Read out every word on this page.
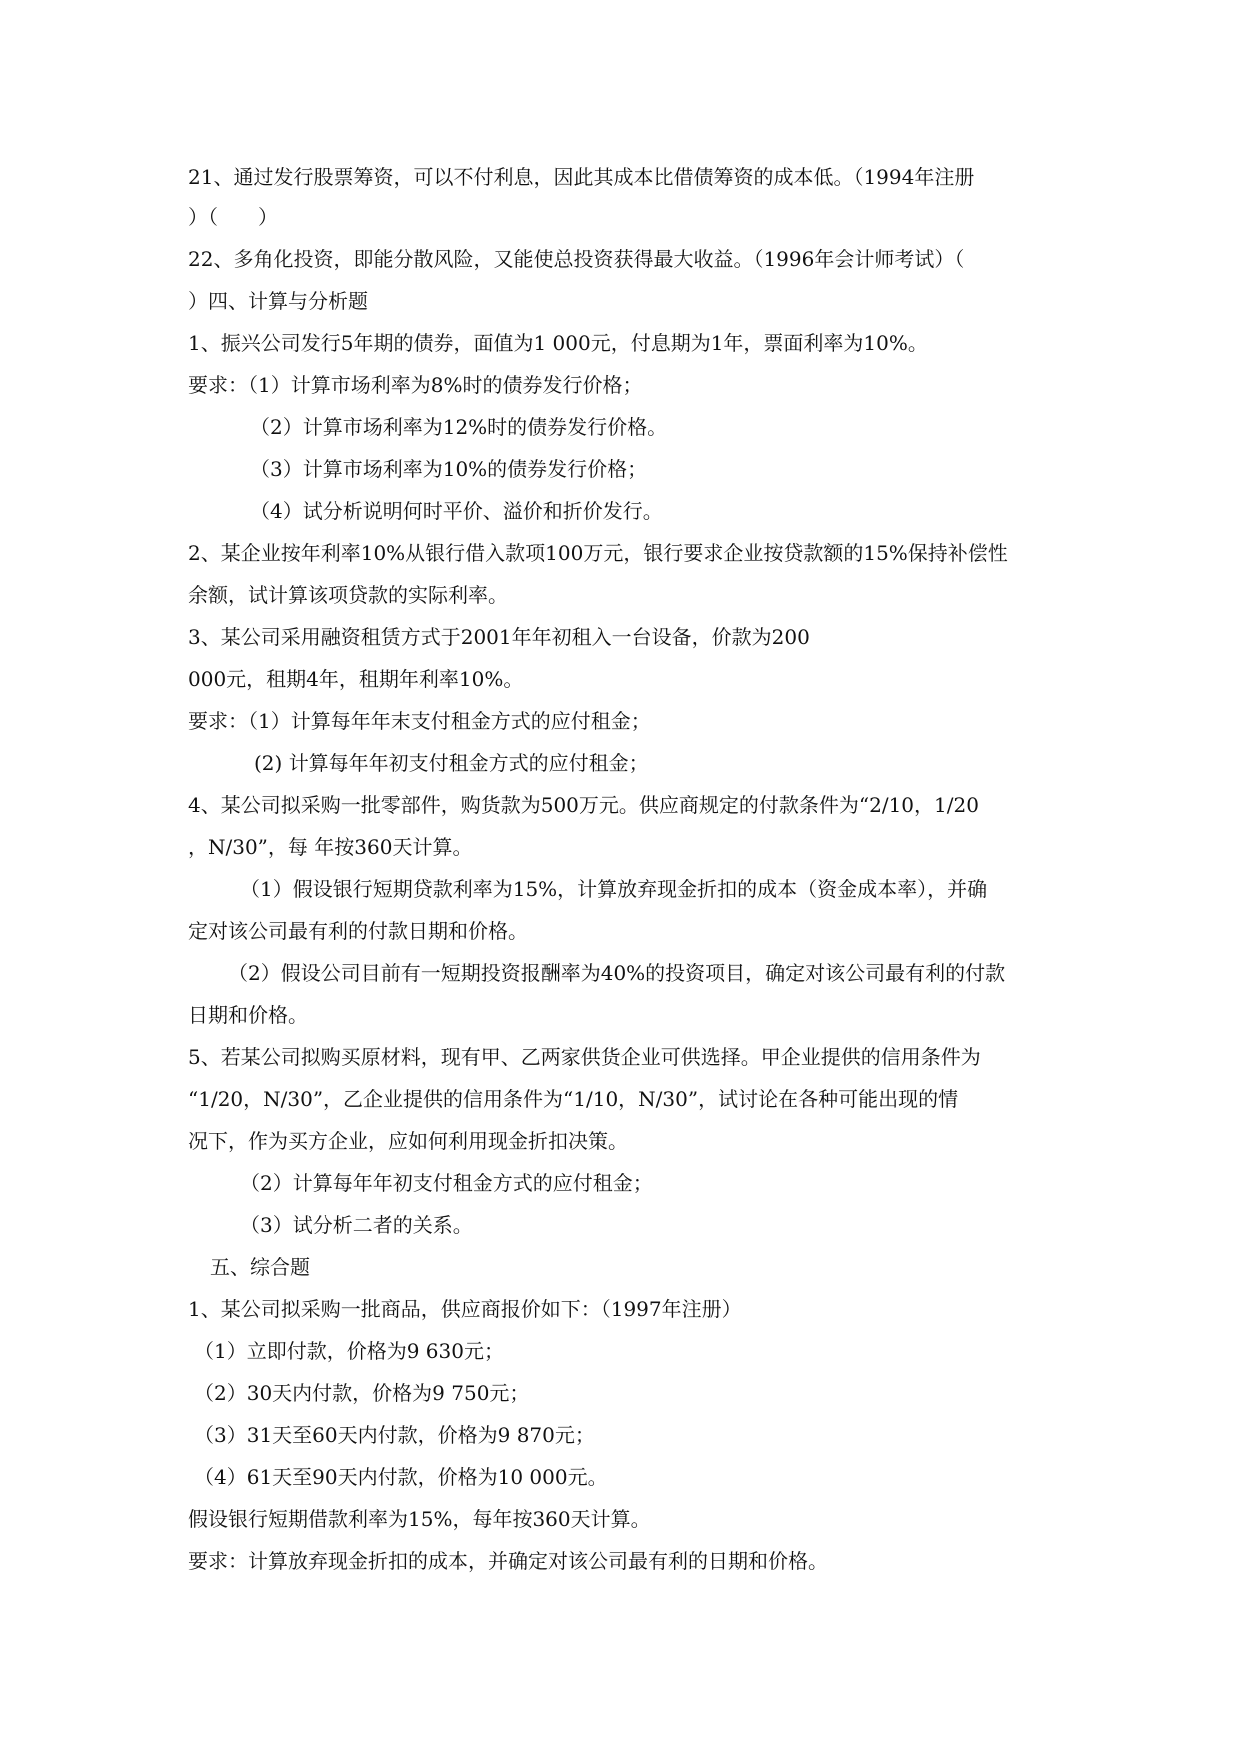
21、通过发行股票筹资，可以不付利息，因此其成本比借债筹资的成本低。（1994年注册
）（　　）
22、多角化投资，即能分散风险，又能使总投资获得最大收益。（1996年会计师考试）（
）四、计算与分析题
1、振兴公司发行5年期的债券，面值为1 000元，付息期为1年，票面利率为10%。
要求：（1）计算市场利率为8%时的债券发行价格；
（2）计算市场利率为12%时的债券发行价格。
（3）计算市场利率为10%的债券发行价格；
（4）试分析说明何时平价、溢价和折价发行。
2、某企业按年利率10%从银行借入款项100万元，银行要求企业按贷款额的15%保持补偿性
余额，试计算该项贷款的实际利率。
3、某公司采用融资租赁方式于2001年年初租入一台设备，价款为200
000元，租期4年，租期年利率10%。
要求：（1）计算每年年末支付租金方式的应付租金；
(2) 计算每年年初支付租金方式的应付租金；
4、某公司拟采购一批零部件，购货款为500万元。供应商规定的付款条件为“2/10，1/20
，N/30”，每 年按360天计算。
（1）假设银行短期贷款利率为15%，计算放弃现金折扣的成本（资金成本率），并确
定对该公司最有利的付款日期和价格。
（2）假设公司目前有一短期投资报酬率为40%的投资项目，确定对该公司最有利的付款
日期和价格。
5、若某公司拟购买原材料，现有甲、乙两家供货企业可供选择。甲企业提供的信用条件为
“1/20，N/30”，乙企业提供的信用条件为“1/10，N/30”，试讨论在各种可能出现的情
况下，作为买方企业，应如何利用现金折扣决策。
（2）计算每年年初支付租金方式的应付租金；
（3）试分析二者的关系。
五、综合题
1、某公司拟采购一批商品，供应商报价如下：（1997年注册）
（1）立即付款，价格为9 630元；
（2）30天内付款，价格为9 750元；
（3）31天至60天内付款，价格为9 870元；
（4）61天至90天内付款，价格为10 000元。
假设银行短期借款利率为15%，每年按360天计算。
要求：计算放弃现金折扣的成本，并确定对该公司最有利的日期和价格。
